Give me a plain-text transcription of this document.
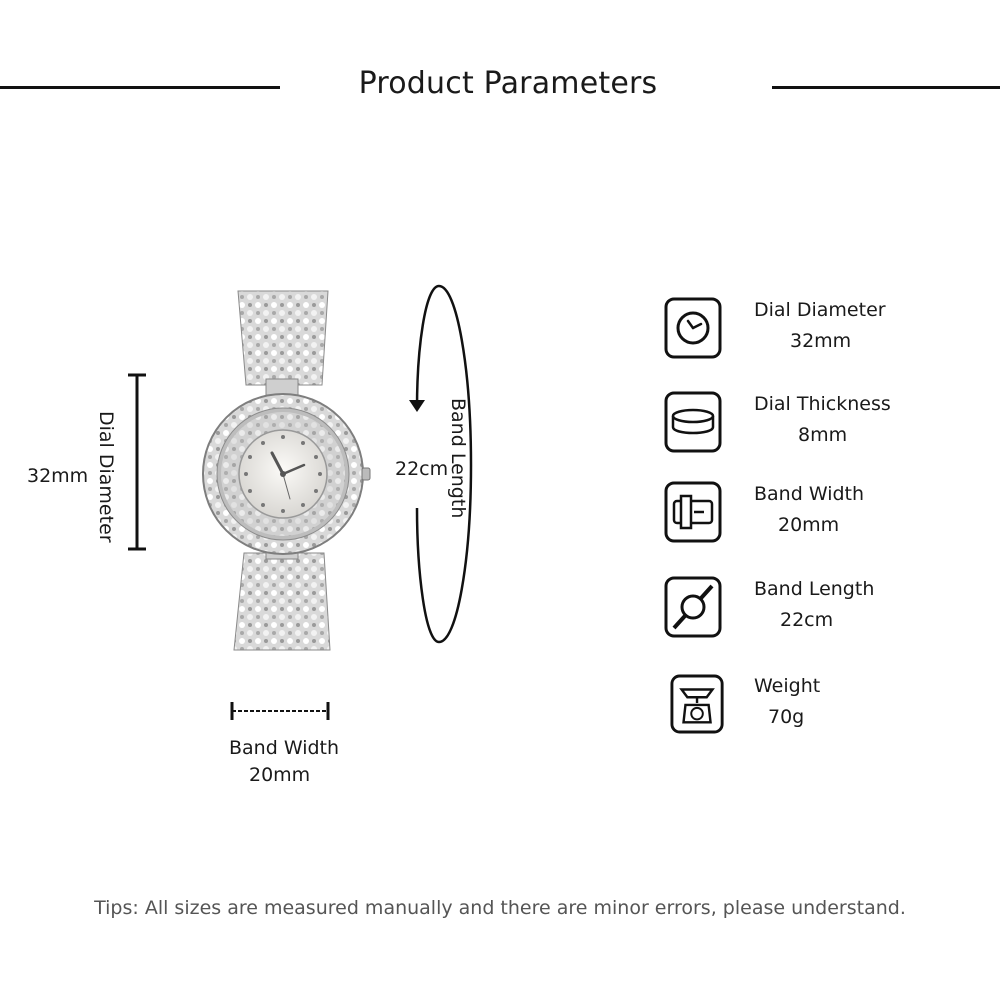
Product Parameters
Dial Diameter
32mm	Band Length
22cm
Band Width
20mm
Dial Diameter
32mm
Dial Thickness
8mm
Band Width
20mm
Band Length
22cm
Weight
70g
Tips: All sizes are measured manually and there are minor errors, please understand.
